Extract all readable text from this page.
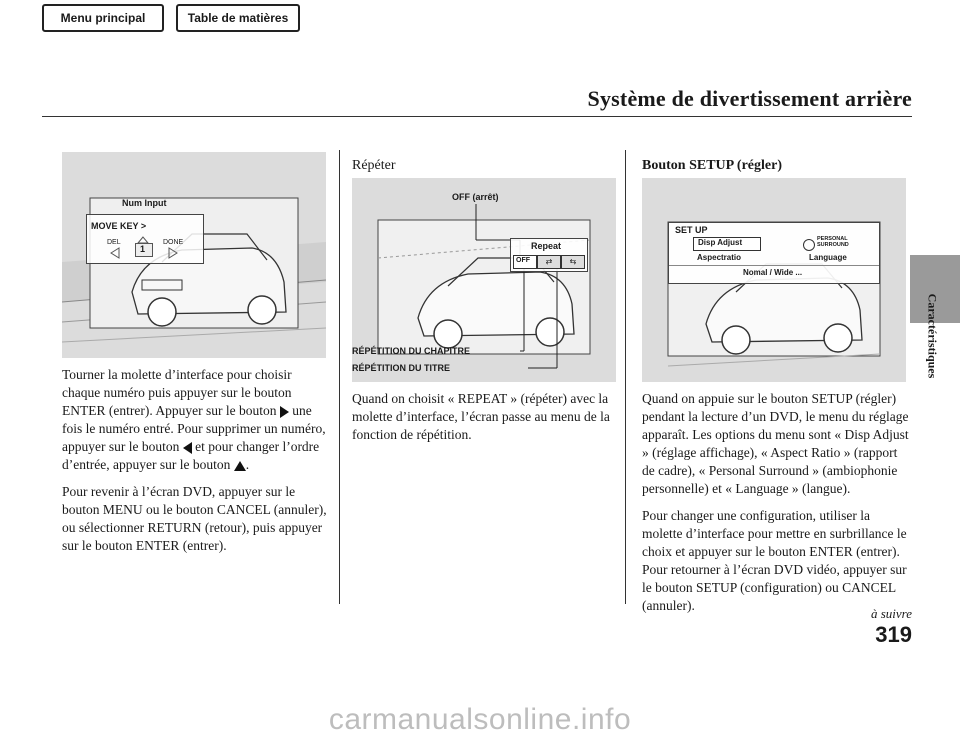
Menu principal	Table de matières
Système de divertissement arrière
Caractéristiques
Num Input
MOVE KEY >
DEL	DONE
1

Tourner la molette d’interface pour choisir chaque numéro puis appuyer sur le bouton ENTER (entrer). Appuyer sur le bouton une fois le numéro entré. Pour supprimer un numéro, appuyer sur le bouton et pour changer l’ordre d’entrée, appuyer sur le bouton .

Pour revenir à l’écran DVD, appuyer sur le bouton MENU ou le bouton CANCEL (annuler), ou sélectionner RETURN (retour), puis appuyer sur le bouton ENTER (entrer).

Répéter
OFF (arrêt)
Repeat
OFF	⇄	⇆
RÉPÉTITION DU CHAPITRE
RÉPÉTITION DU TITRE

Quand on choisit « REPEAT » (répéter) avec la molette d’interface, l’écran passe au menu de la fonction de répétition.

Bouton SETUP (régler)
SET UP
Disp Adjust	PERSONAL
SURROUND
Aspectratio	Language
Nomal / Wide ...

Quand on appuie sur le bouton SETUP (régler) pendant la lecture d’un DVD, le menu du réglage apparaît. Les options du menu sont « Disp Adjust » (réglage affichage), « Aspect Ratio » (rapport de cadre), « Personal Surround » (ambiophonie personnelle) et « Language » (langue).

Pour changer une configuration, utiliser la molette d’interface pour mettre en surbrillance le choix et appuyer sur le bouton ENTER (entrer). Pour retourner à l’écran DVD vidéo, appuyer sur le bouton SETUP (configuration) ou CANCEL (annuler).

à suivre
319
carmanualsonline.info
